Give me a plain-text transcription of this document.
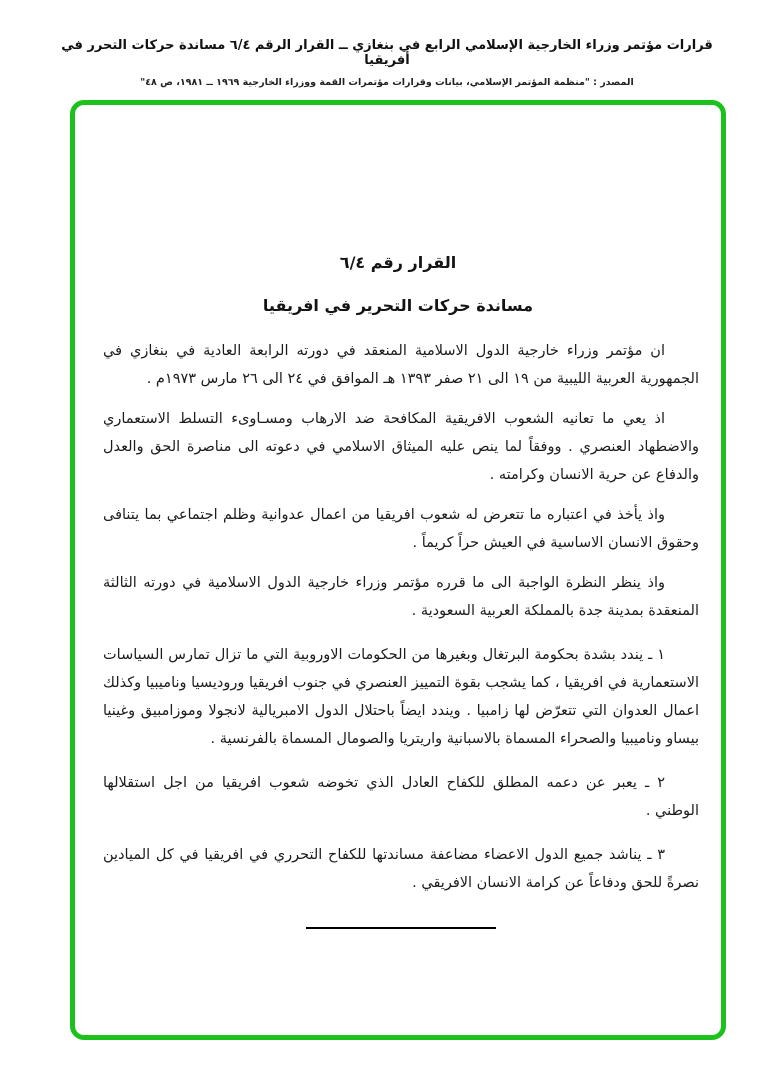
قرارات مؤتمر وزراء الخارجية الإسلامي الرابع في بنغازي ــ القرار الرقم ٦/٤ مساندة حركات التحرر في أفريقيا
المصدر : "منظمة المؤتمر الإسلامي، بيانات وقرارات مؤتمرات القمة ووزراء الخارجية ١٩٦٩ ــ ١٩٨١، ص ٤٨"
القرار رقم ٦/٤
مساندة حركات التحرير في افريقيا

ان مؤتمر وزراء خارجية الدول الاسلامية المنعقد في دورته الرابعة العادية في بنغازي في الجمهورية العربية الليبية من ١٩ الى ٢١ صفر ١٣٩٣ هـ الموافق في ٢٤ الى ٢٦ مارس ١٩٧٣م .

اذ يعي ما تعانيه الشعوب الافريقية المكافحة ضد الارهاب ومسـاوىء التسلط الاستعماري والاضطهاد العنصري . ووفقاً لما ينص عليه الميثاق الاسلامي في دعوته الى مناصرة الحق والعدل والدفاع عن حرية الانسان وكرامته .

واذ يأخذ في اعتباره ما تتعرض له شعوب افريقيا من اعمال عدوانية وظلم اجتماعي بما يتنافى وحقوق الانسان الاساسية في العيش حراً كريماً .

واذ ينظر النظرة الواجبة الى ما قرره مؤتمر وزراء خارجية الدول الاسلامية في دورته الثالثة المنعقدة بمدينة جدة بالمملكة العربية السعودية .

١ ـ يندد بشدة بحكومة البرتغال وبغيرها من الحكومات الاوروبية التي ما تزال تمارس السياسات الاستعمارية في افريقيا ، كما يشجب بقوة التمييز العنصري في جنوب افريقيا وروديسيا وناميبيا وكذلك اعمال العدوان التي تتعرّض لها زامبيا . ويندد ايضاً باحتلال الدول الامبريالية لانجولا وموزامبيق وغينيا بيساو وناميبيا والصحراء المسماة بالاسبانية واريتريا والصومال المسماة بالفرنسية .

٢ ـ يعبر عن دعمه المطلق للكفاح العادل الذي تخوضه شعوب افريقيا من اجل استقلالها الوطني .

٣ ـ يناشد جميع الدول الاعضاء مضاعفة مساندتها للكفاح التحرري في افريقيا في كل الميادين نصرةً للحق ودفاعاً عن كرامة الانسان الافريقي .
